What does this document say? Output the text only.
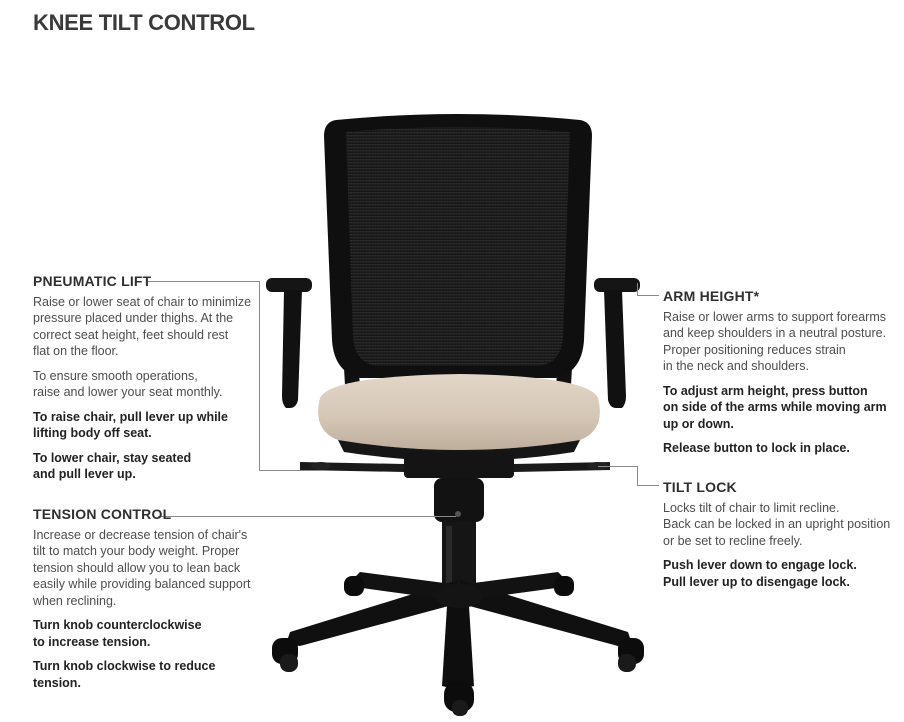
KNEE TILT CONTROL
PNEUMATIC LIFT

Raise or lower seat of chair to minimize
pressure placed under thighs. At the
correct seat height, feet should rest
flat on the floor.

To ensure smooth operations,
raise and lower your seat monthly.

To raise chair, pull lever up while
lifting body off seat.

To lower chair, stay seated
and pull lever up.

TENSION CONTROL

Increase or decrease tension of chair's
tilt to match your body weight. Proper
tension should allow you to lean back
easily while providing balanced support
when reclining.

Turn knob counterclockwise
to increase tension.

Turn knob clockwise to reduce tension.

ARM HEIGHT*

Raise or lower arms to support forearms
and keep shoulders in a neutral posture.
Proper positioning reduces strain
in the neck and shoulders.

To adjust arm height, press button
on side of the arms while moving arm
up or down.

Release button to lock in place.

TILT LOCK

Locks tilt of chair to limit recline.
Back can be locked in an upright position
or be set to recline freely.

Push lever down to engage lock.
Pull lever up to disengage lock.
